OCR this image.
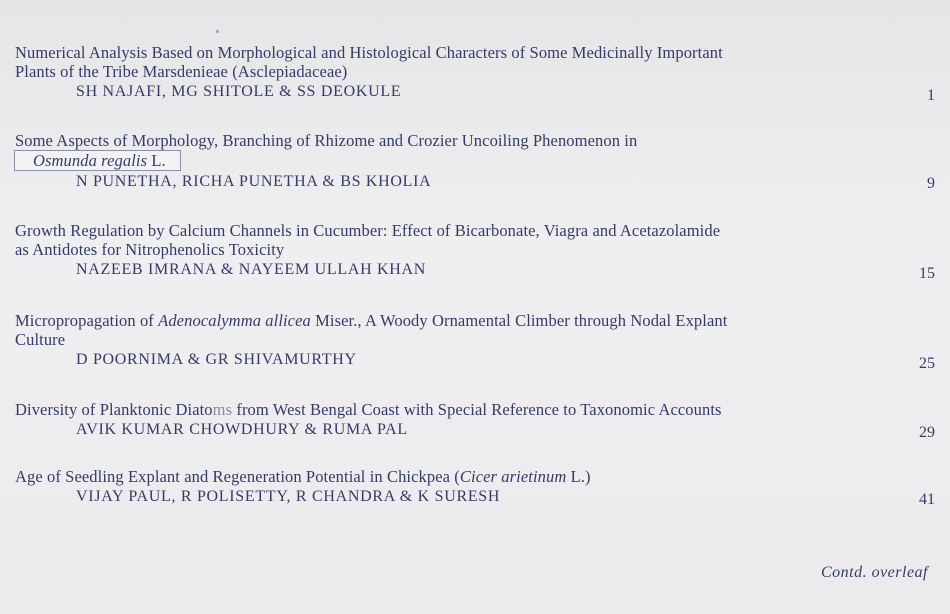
Numerical Analysis Based on Morphological and Histological Characters of Some Medicinally Important
Plants of the Tribe Marsdenieae (Asclepiadaceae)
SH NAJAFI, MG SHITOLE & SS DEOKULE	1
Some Aspects of Morphology, Branching of Rhizome and Crozier Uncoiling Phenomenon in
Osmunda regalis L.
N PUNETHA, RICHA PUNETHA & BS KHOLIA	9
Growth Regulation by Calcium Channels in Cucumber: Effect of Bicarbonate, Viagra and Acetazolamide
as Antidotes for Nitrophenolics Toxicity
NAZEEB IMRANA & NAYEEM ULLAH KHAN	15
Micropropagation of Adenocalymma allicea Miser., A Woody Ornamental Climber through Nodal Explant
Culture
D POORNIMA & GR SHIVAMURTHY	25
Diversity of Planktonic Diatoms from West Bengal Coast with Special Reference to Taxonomic Accounts
AVIK KUMAR CHOWDHURY & RUMA PAL	29
Age of Seedling Explant and Regeneration Potential in Chickpea (Cicer arietinum L.)
VIJAY PAUL, R POLISETTY, R CHANDRA & K SURESH	41
Contd. overleaf
